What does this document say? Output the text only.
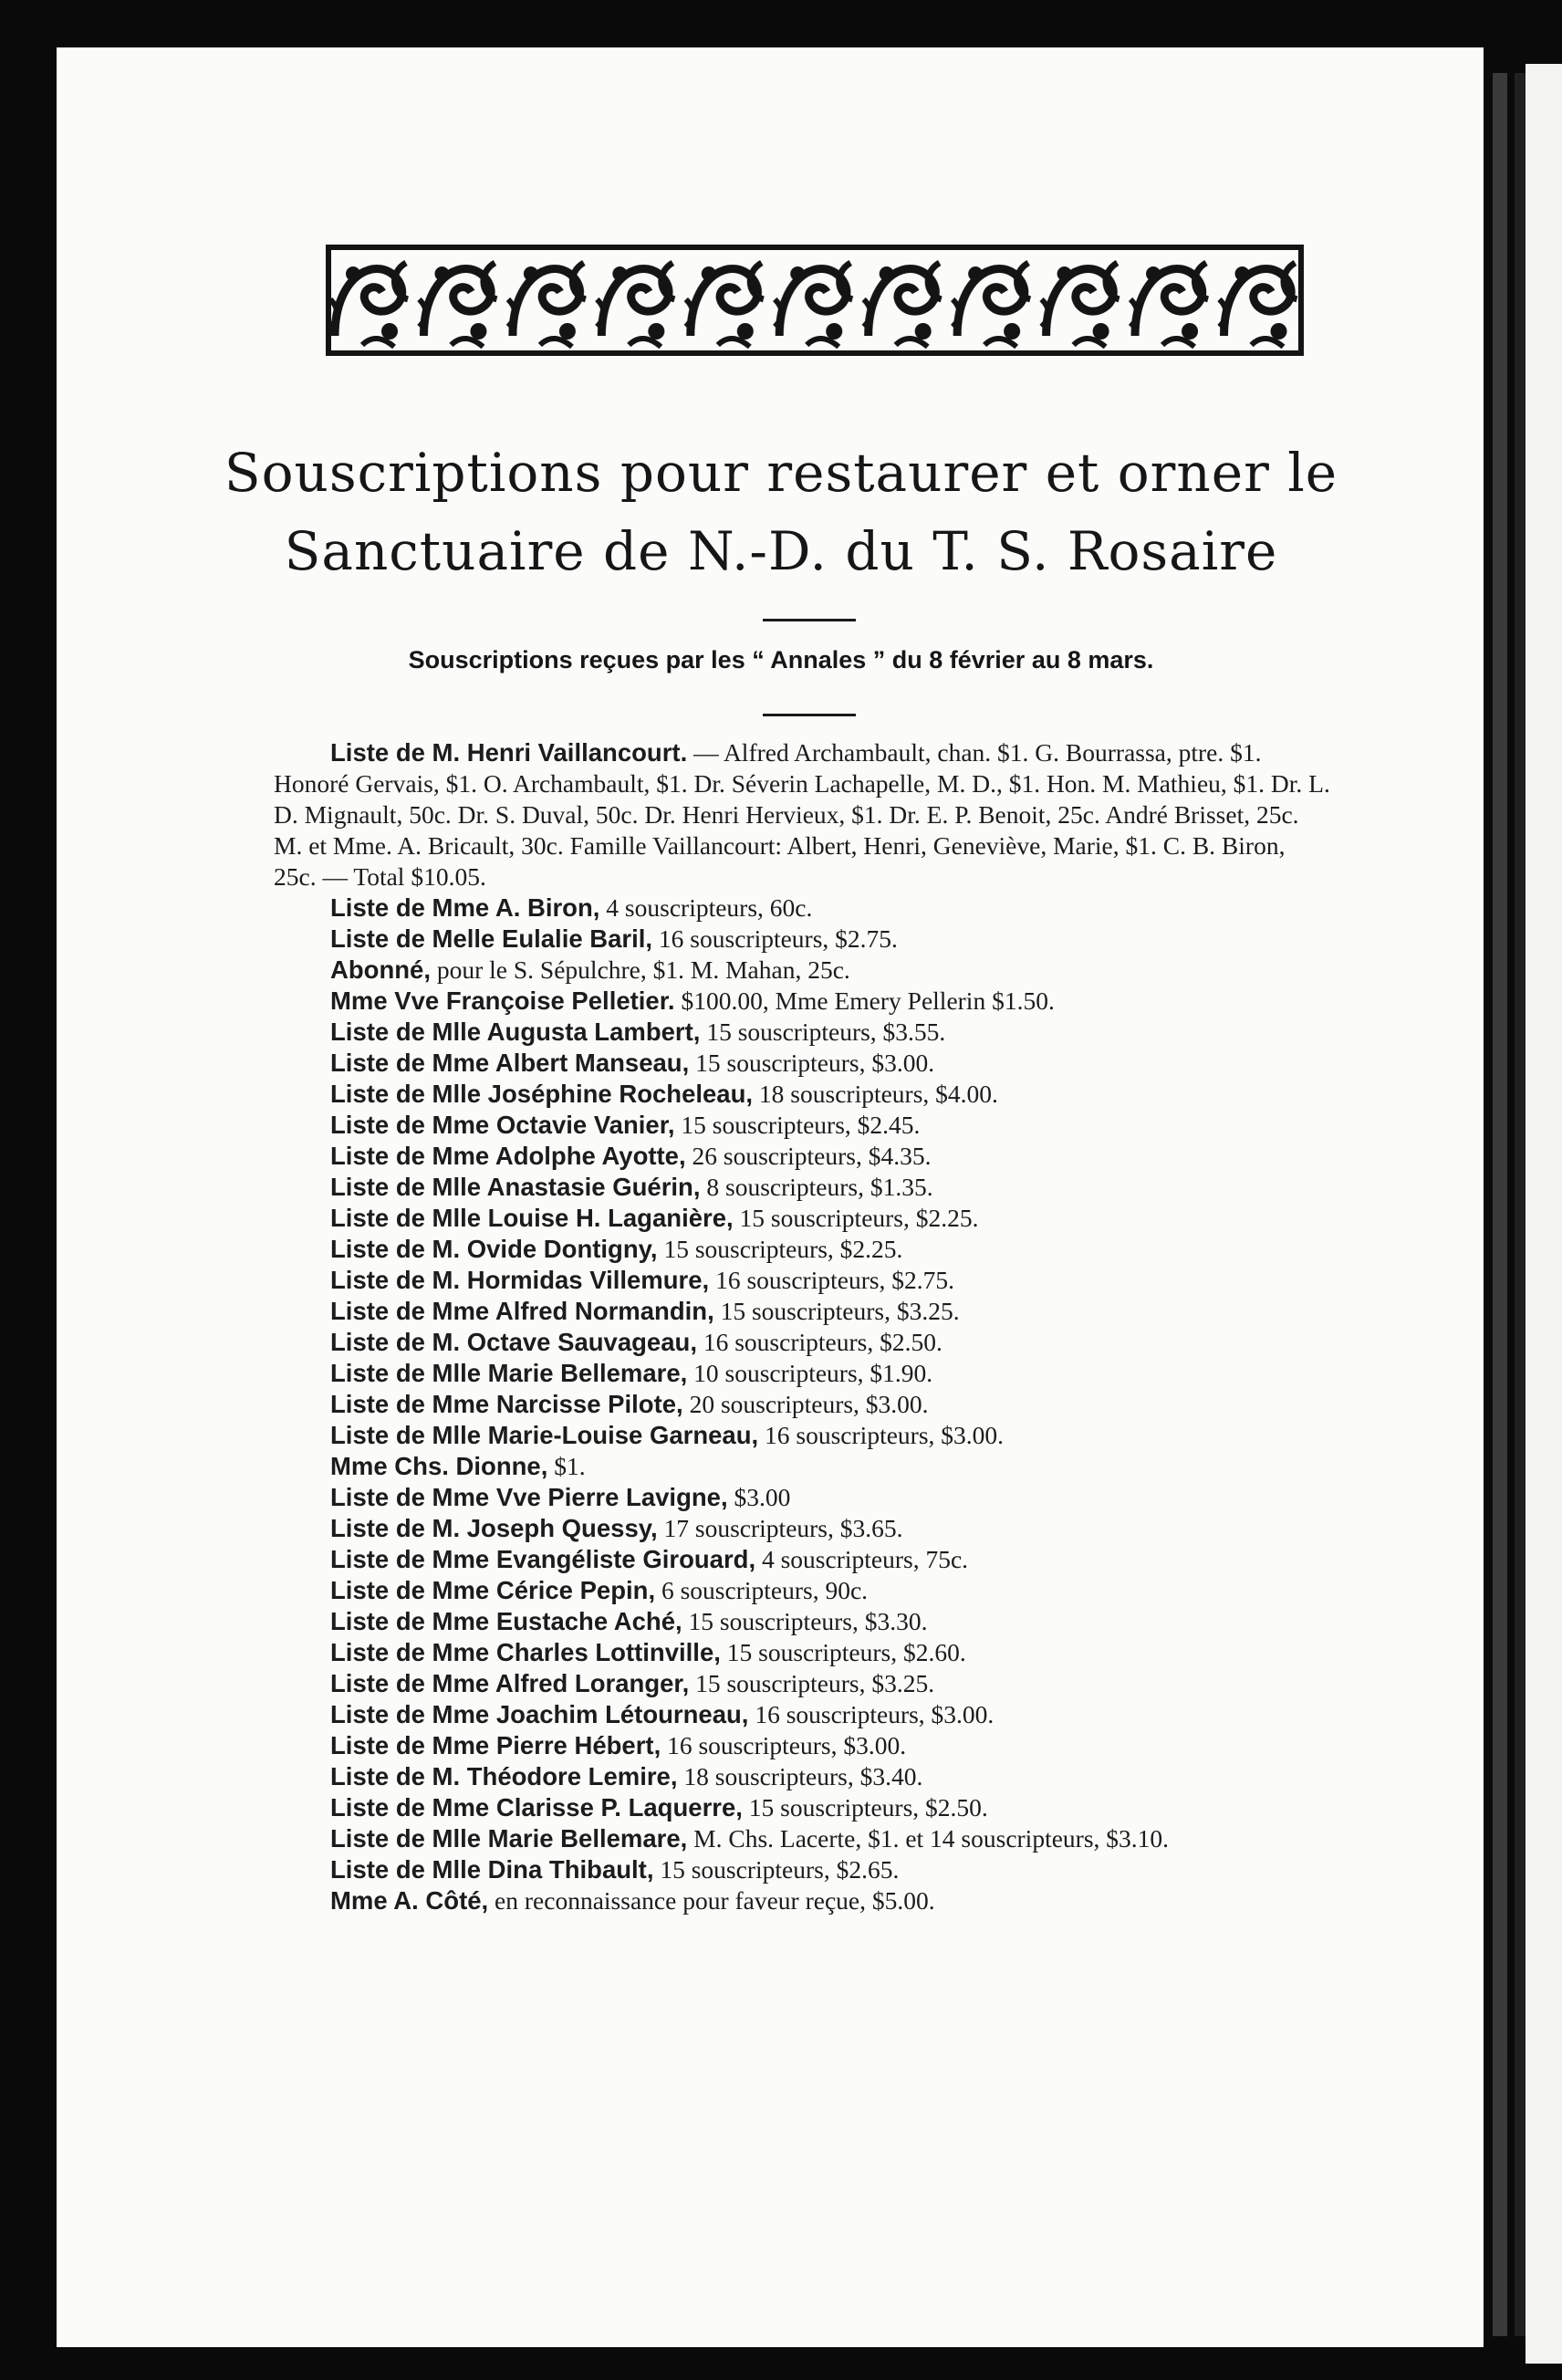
Souscriptions pour restaurer et orner le
Sanctuaire de N.-D. du T. S. Rosaire
Souscriptions reçues par les “ Annales ” du 8 février au 8 mars.
Liste de M. Henri Vaillancourt. — Alfred Archambault, chan. $1. G. Bourrassa, ptre. $1. Honoré Gervais, $1. O. Archambault, $1. Dr. Séverin Lachapelle, M. D., $1. Hon. M. Mathieu, $1. Dr. L. D. Mignault, 50c. Dr. S. Duval, 50c. Dr. Henri Hervieux, $1. Dr. E. P. Benoit, 25c. André Brisset, 25c. M. et Mme. A. Bricault, 30c. Famille Vaillancourt: Albert, Henri, Geneviève, Marie, $1. C. B. Biron, 25c. — Total $10.05.
Liste de Mme A. Biron, 4 souscripteurs, 60c.
Liste de Melle Eulalie Baril, 16 souscripteurs, $2.75.
Abonné, pour le S. Sépulchre, $1. M. Mahan, 25c.
Mme Vve Françoise Pelletier. $100.00, Mme Emery Pellerin $1.50.
Liste de Mlle Augusta Lambert, 15 souscripteurs, $3.55.
Liste de Mme Albert Manseau, 15 souscripteurs, $3.00.
Liste de Mlle Joséphine Rocheleau, 18 souscripteurs, $4.00.
Liste de Mme Octavie Vanier, 15 souscripteurs, $2.45.
Liste de Mme Adolphe Ayotte, 26 souscripteurs, $4.35.
Liste de Mlle Anastasie Guérin, 8 souscripteurs, $1.35.
Liste de Mlle Louise H. Laganière, 15 souscripteurs, $2.25.
Liste de M. Ovide Dontigny, 15 souscripteurs, $2.25.
Liste de M. Hormidas Villemure, 16 souscripteurs, $2.75.
Liste de Mme Alfred Normandin, 15 souscripteurs, $3.25.
Liste de M. Octave Sauvageau, 16 souscripteurs, $2.50.
Liste de Mlle Marie Bellemare, 10 souscripteurs, $1.90.
Liste de Mme Narcisse Pilote, 20 souscripteurs, $3.00.
Liste de Mlle Marie-Louise Garneau, 16 souscripteurs, $3.00.
Mme Chs. Dionne, $1.
Liste de Mme Vve Pierre Lavigne, $3.00
Liste de M. Joseph Quessy, 17 souscripteurs, $3.65.
Liste de Mme Evangéliste Girouard, 4 souscripteurs, 75c.
Liste de Mme Cérice Pepin, 6 souscripteurs, 90c.
Liste de Mme Eustache Aché, 15 souscripteurs, $3.30.
Liste de Mme Charles Lottinville, 15 souscripteurs, $2.60.
Liste de Mme Alfred Loranger, 15 souscripteurs, $3.25.
Liste de Mme Joachim Létourneau, 16 souscripteurs, $3.00.
Liste de Mme Pierre Hébert, 16 souscripteurs, $3.00.
Liste de M. Théodore Lemire, 18 souscripteurs, $3.40.
Liste de Mme Clarisse P. Laquerre, 15 souscripteurs, $2.50.
Liste de Mlle Marie Bellemare, M. Chs. Lacerte, $1. et 14 souscripteurs, $3.10.
Liste de Mlle Dina Thibault, 15 souscripteurs, $2.65.
Mme A. Côté, en reconnaissance pour faveur reçue, $5.00.
